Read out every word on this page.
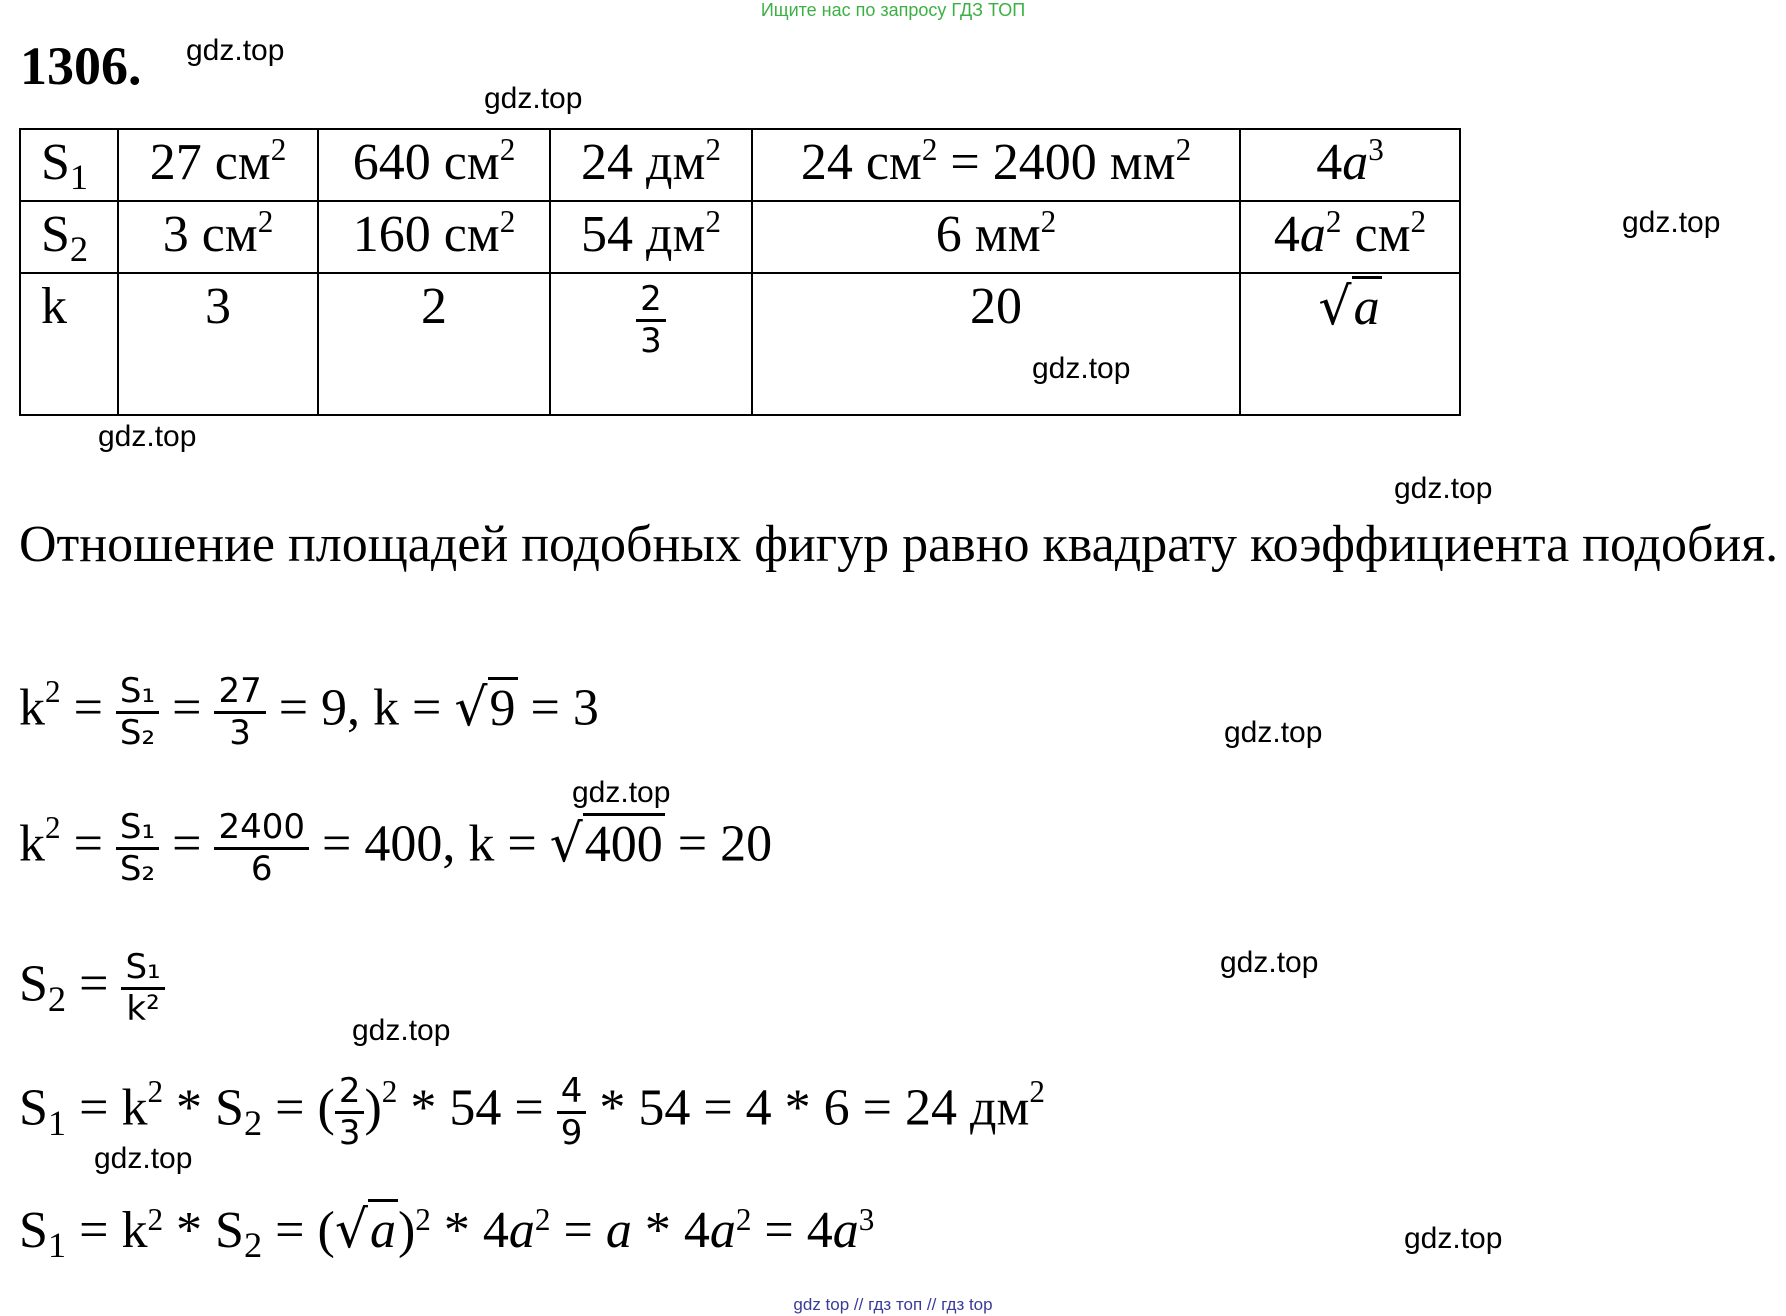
Ищите нас по запросу ГДЗ ТОП
1306. gdz.top
gdz.top
gdz.top
gdz.top
gdz.top
gdz.top
gdz.top
gdz.top
gdz.top
gdz.top
gdz.top
gdz.top
$S_1$	27 $см^2$	640 $см^2$	24 $дм^2$	24 $см^2 = 2400$ $мм^2$	$4a^3$
$S_2$	3 $см^2$	160 $см^2$	54 $дм^2$	6 $мм^2$	$4a^2$ $см^2$
k	3	2	$\frac{2}{3}$	20	√a
Отношение площадей подобных фигур равно квадрату коэффициента подобия.
$k^2 = \frac{\text{S₁}}{\text{S₂}} = \frac{27}{3} = 9$, k = √9 = 3
$k^2 = \frac{\text{S₁}}{\text{S₂}} = \frac{2400}{6} = 400$, k = √400 = 20
$S_2 = \frac{\text{S₁}}{\text{k²}}$
$S_1 = k^2 * S_2$ = ( $\frac{2}{3} )^2 * 54 = \frac{4}{9} * 54 = 4 * 6 = 24$ $дм^2$
$S_1 = k^2 * S_2 = (√a)^2 * 4a^2 = a * 4a^2 = 4a^3$
gdz top // гдз топ // гдз top
